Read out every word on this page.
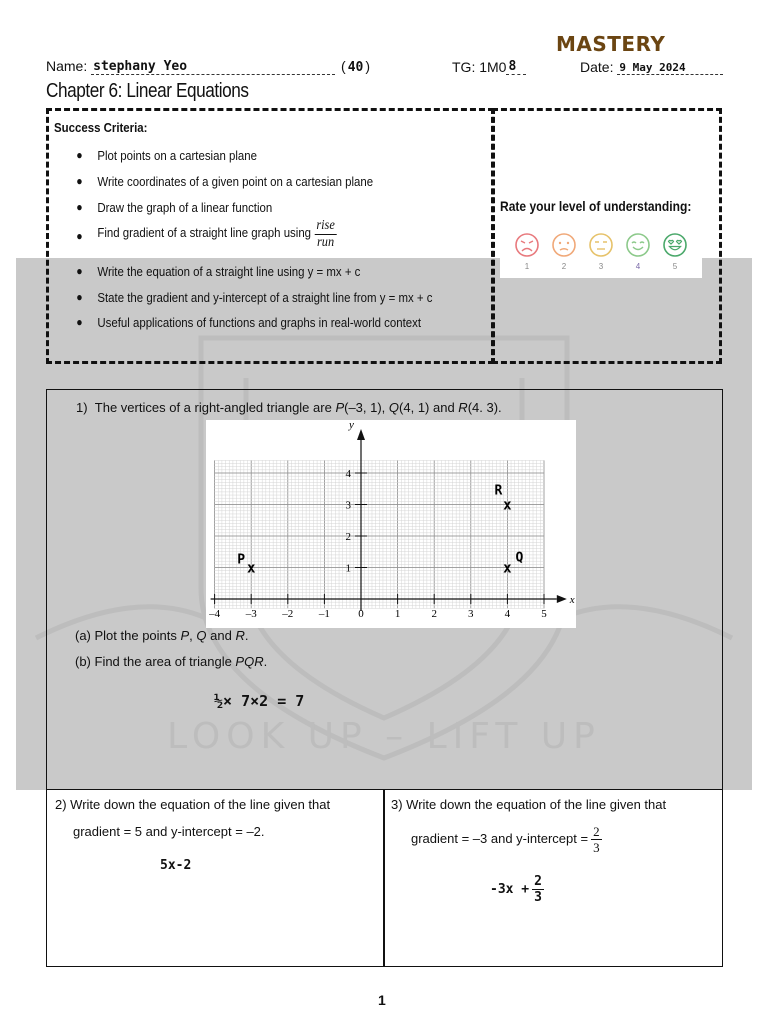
LOOK UP – LIFT UP
MASTERY
Name: stephany Yeo	( 40 )	TG: 1M0 8	Date: 9 May 2024
Chapter 6: Linear Equations
Success Criteria:
● Plot points on a cartesian plane
● Write coordinates of a given point on a cartesian plane
● Draw the graph of a linear function
● Find gradient of a straight line graph using $\frac{\text{rise}}{\text{run}}$
● Write the equation of a straight line using y = mx + c
● State the gradient and y-intercept of a straight line from y = mx + c
● Useful applications of functions and graphs in real-world context
Rate your level of understanding:
1	2	3	4	5
1) The vertices of a right-angled triangle are P(–3, 1), Q(4, 1) and R(4. 3).
–4 –3 –2 –1	0	1	2	3	4	5
1
2
3
4
y
x
x
P
x
Q
x
R
(a) Plot the points P, Q and R.
(b) Find the area of triangle PQR.
½× 7×2 = 7
2) Write down the equation of the line given that
gradient = 5 and y-intercept = –2.
5x-2
3) Write down the equation of the line given that
gradient = –3 and y-intercept = $\frac{2}{3}$
$-3x + \frac{2}{3}$
1
